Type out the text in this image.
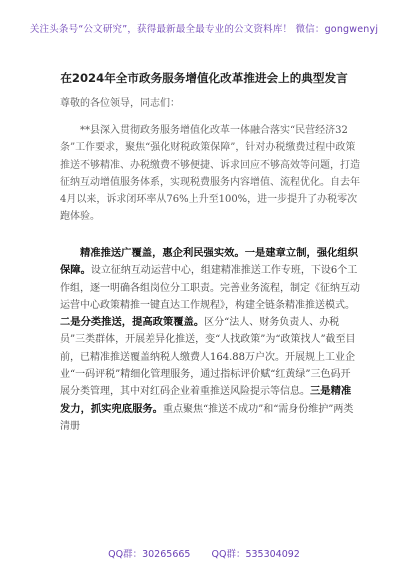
关注头条号“公文研究”，获得最新最全最专业的公文资料库！ 微信：gongwenyj
在2024年全市政务服务增值化改革推进会上的典型发言
尊敬的各位领导，同志们：

**县深入贯彻政务服务增值化改革一体融合落实“民营经济32条”工作要求，聚焦“强化财税政策保障”，针对办税缴费过程中政策推送不够精准、办税缴费不够便捷、诉求回应不够高效等问题，打造征纳互动增值服务体系，实现税费服务内容增值、流程优化。自去年4月以来，诉求闭环率从76%上升至100%，进一步提升了办税零次跑体验。

精准推送广覆盖，惠企利民强实效。一是建章立制，强化组织保障。设立征纳互动运营中心，组建精准推送工作专班，下设6个工作组，逐一明确各组岗位分工职责。完善业务流程，制定《征纳互动运营中心政策精推一键直达工作规程》，构建全链条精准推送模式。二是分类推送，提高政策覆盖。区分“法人、财务负责人、办税员”三类群体，开展差异化推送，变“人找政策”为“政策找人”截至目前，已精准推送覆盖纳税人缴费人164.88万户次。开展规上工业企业“一码评税”精细化管理服务，通过指标评价赋“红黄绿”三色码开展分类管理，其中对红码企业着重推送风险提示等信息。三是精准发力，抓实兜底服务。重点聚焦“推送不成功”和“需身份维护”两类清册

QQ群：30265665 QQ群：535304092
